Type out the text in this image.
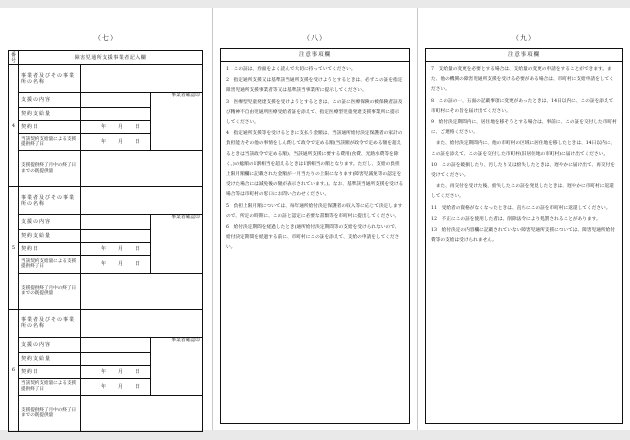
（七）
番号	障害児通所支援事業者記入欄		
4	事業者及びその事業所の名称		
	支援の内容		事業者確認印

	契約支給量		
	契約日	年 月 日	

	当該契約支給量による支援提供終了日	年 月 日	

	支援提供終了月中の終了日までの既提供量		
5	事業者及びその事業所の名称		
	支援の内容		事業者確認印

	契約支給量		
	契約日	年 月 日	

	当該契約支給量による支援提供終了日	年 月 日	

	支援提供終了月中の終了日までの既提供量		
6	事業者及びその事業所の名称		
	支援の内容		事業者確認印

	契約支給量		
	契約日	年 月 日	

	当該契約支給量による支援提供終了日	年 月 日	

	支援提供終了月中の終了日までの既提供量		
（八）
注意事項欄

1　この証は、券面をよく読んで大切に持っていてください。

2　指定通所支援又は基準該当通所支援を受けようとするときは、必ずこの証を指定障害児通所支援事業者等又は基準該当事業所に提示してください。

3　医療型児童発達支援を受けようとするときは、この証に医療保険の被保険者証及び精神不自由児通所医療受給者証を添えて、指定医療型児童発達支援事業所に提示してください。

4　指定通所支援等を受けるときに支払う金額は、当該通所給付決定保護者の家計の負担能力その他の事情をしん酌して政令で定める額(当該額が政令で定める額を超えるときは当該政令で定める額)、当該通所支援に要する費用(食費、光熱水費等を除く。)の総額の1割相当を超えるときは1割相当の額となります。ただし、支給の負担上限月額欄に記載された金額が一月当たりの上限になります(障害児減免等の認定を受けた場合には減免後の額が表示されています。)。なお、基準該当通所支援を受ける場合等は市町村の窓口にお問い合わせください。

5　負担上限月額については、毎年通所給付決定保護者の収入等に応じて決定しますので、所定の時期に、この証と認定に必要な書類等を市町村に提出してください。

6　給付決定期間を経過したとき(通所給付決定期間等の支給を受けられないので、給付決定期間を経過する前に、市町村にこの証を添えて、支給の申請をしてください。

（九）
注意事項欄

7　支給量の変更を必要とする場合は、支給量の変更の申請をすることができます。また、他の機関の障害児通所支援を受ける必要がある場合は、市町村に支給申請をしてください。

8　この証の一、五面の記載事項に変更があったときは、14日以内に、この証を添えて市町村にその旨を届け出てください。

9　給付決定期間内に、居住地を移そうとする場合は、事前に、この証を交付した市町村に、ご連絡ください。

　また、給付決定期間内に、他の市町村の区域に居住地を移したときは、14日以内に、この証を添えて、この証を交付した市町村(旧居住地の市町村)に届け出てください。

10　この証を破損したり、汚したり又は紛失したときは、遅やかに届け出て、再交付を受けてください。

　また、再交付を受けた後、紛失したこの証を発見したときは、遅やかに市町村に返還してください。

11　受給者の資格がなくなったときは、直ちにこの証を市町村に返還してください。

12　不正にこの証を使用した者は、削除法令により処罰されることがあります。

13　給付決定の内容欄に記載されていない障害児通所支援については、障害児通所給付費等の支給は受けられません。
